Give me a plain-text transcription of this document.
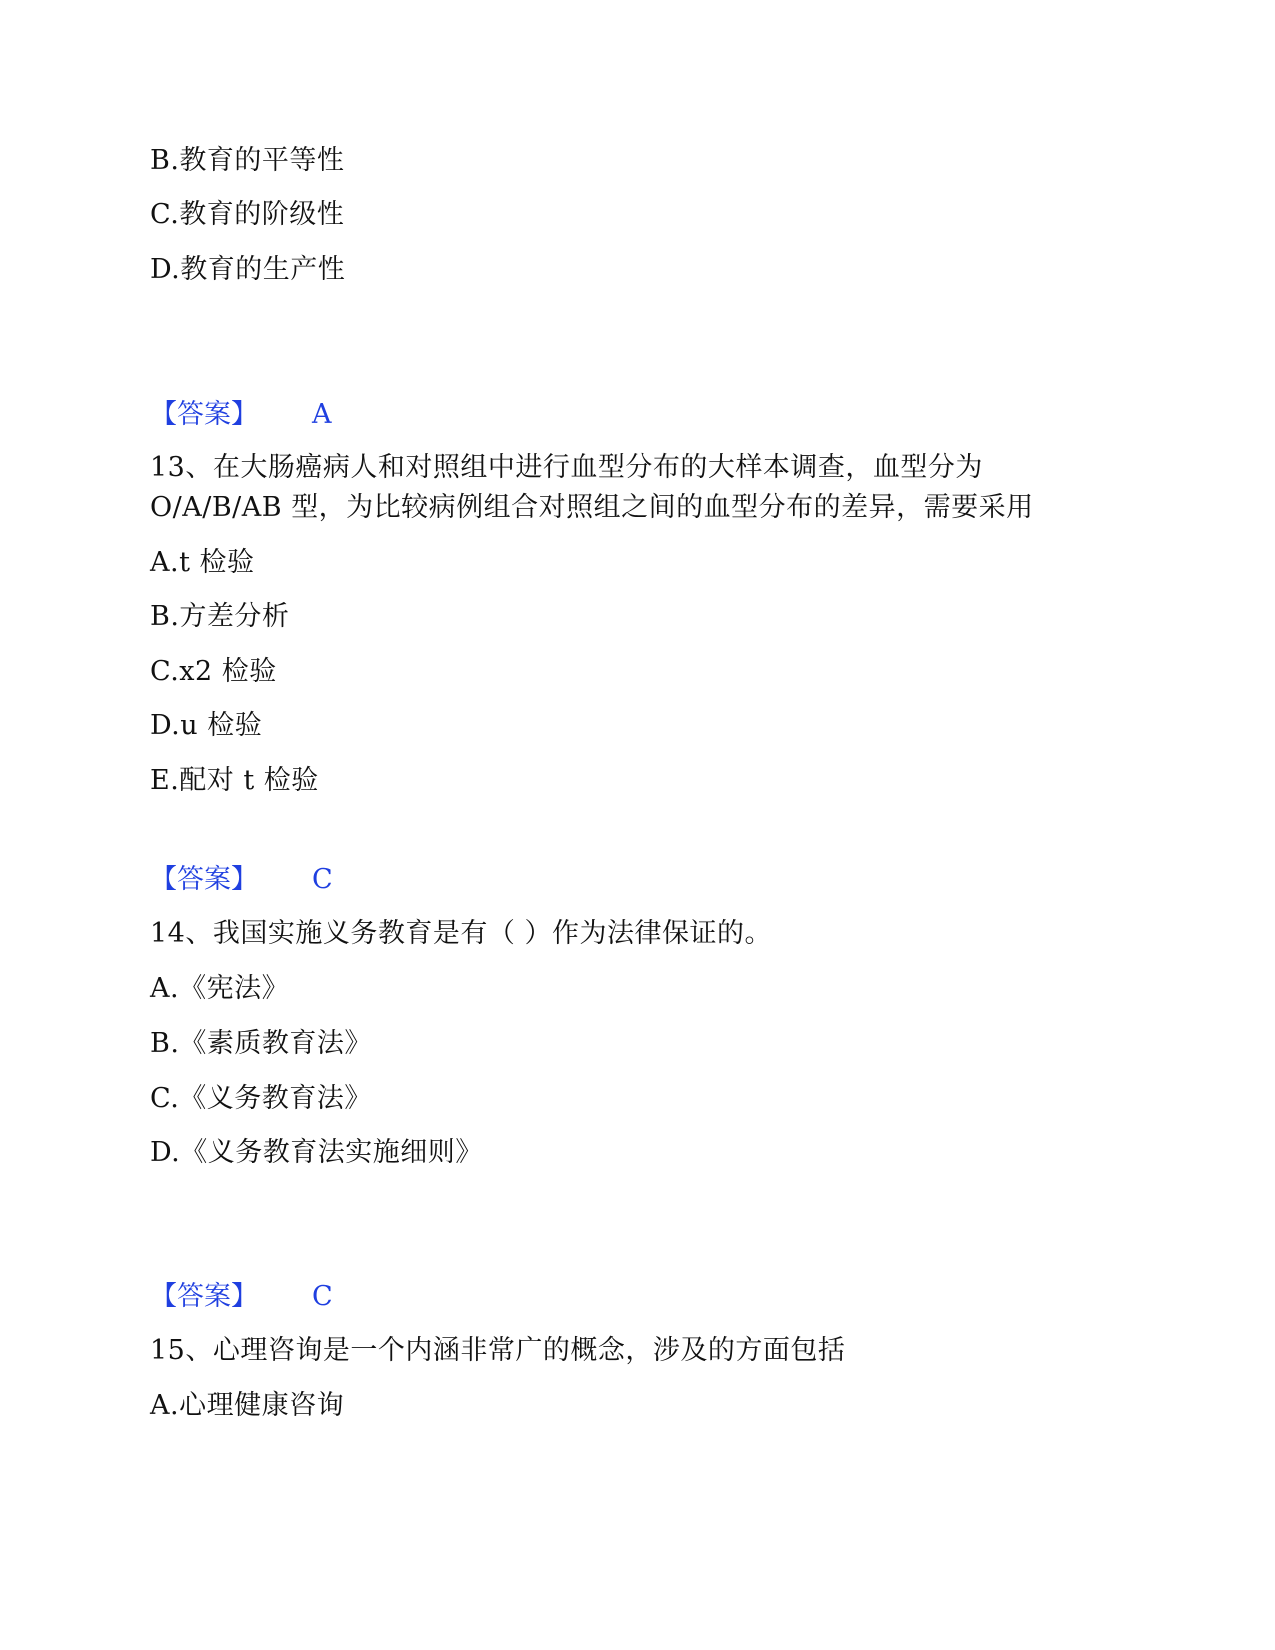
B.教育的平等性
C.教育的阶级性
D.教育的生产性
【答案】 A
13、在大肠癌病人和对照组中进行血型分布的大样本调查，血型分为
O/A/B/AB 型，为比较病例组合对照组之间的血型分布的差异，需要采用
A.t 检验
B.方差分析
C.x2 检验
D.u 检验
E.配对 t 检验
【答案】 C
14、我国实施义务教育是有（ ）作为法律保证的。
A.《宪法》
B.《素质教育法》
C.《义务教育法》
D.《义务教育法实施细则》
【答案】 C
15、心理咨询是一个内涵非常广的概念，涉及的方面包括
A.心理健康咨询
